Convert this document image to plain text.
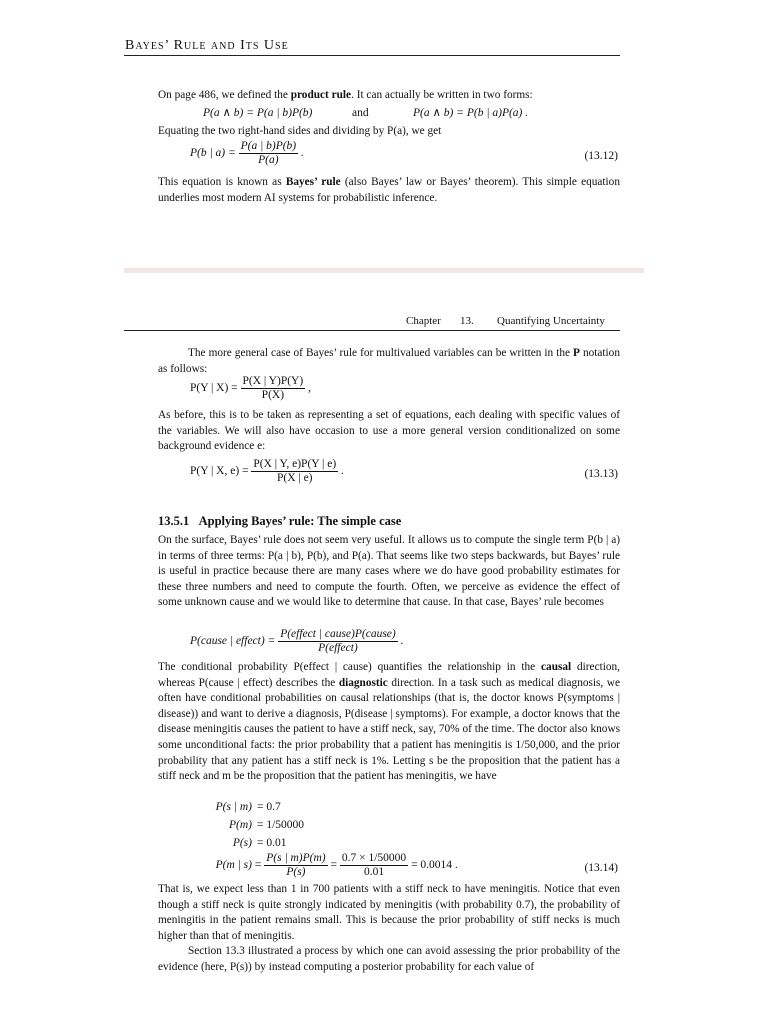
Bayes’ Rule and Its Use
On page 486, we defined the product rule. It can actually be written in two forms:
P(a ∧ b) = P(a | b)P(b)	and	P(a ∧ b) = P(b | a)P(a) .
Equating the two right-hand sides and dividing by P(a), we get
P(b | $a) = \frac{P(a | b)P(b)}{P(a)}$ .	(13.12)
This equation is known as Bayes’ rule (also Bayes’ law or Bayes’ theorem). This simple equation underlies most modern AI systems for probabilistic inference.
Chapter 13. Quantifying Uncertainty
The more general case of Bayes’ rule for multivalued variables can be written in the P notation as follows:
P(Y | $X) = \frac{P(X | Y)P(Y)}{P(X)}$ ,
As before, this is to be taken as representing a set of equations, each dealing with specific values of the variables. We will also have occasion to use a more general version conditionalized on some background evidence e:
P(Y | X, $e) = \frac{P(X | Y, e)P(Y | e)}{P(X | e)}$ .	(13.13)
13.5.1 Applying Bayes’ rule: The simple case
On the surface, Bayes’ rule does not seem very useful. It allows us to compute the single term P(b | a) in terms of three terms: P(a | b), P(b), and P(a). That seems like two steps backwards, but Bayes’ rule is useful in practice because there are many cases where we do have good probability estimates for these three numbers and need to compute the fourth. Often, we perceive as evidence the effect of some unknown cause and we would like to determine that cause. In that case, Bayes’ rule becomes
P(cause | effect) = $\frac{\text{P(effect | cause)P(cause)}}{\text{P(effect)}}$ .
The conditional probability P(effect | cause) quantifies the relationship in the causal direction, whereas P(cause | effect) describes the diagnostic direction. In a task such as medical diagnosis, we often have conditional probabilities on causal relationships (that is, the doctor knows P(symptoms | disease)) and want to derive a diagnosis, P(disease | symptoms). For example, a doctor knows that the disease meningitis causes the patient to have a stiff neck, say, 70% of the time. The doctor also knows some unconditional facts: the prior probability that a patient has meningitis is 1/50,000, and the prior probability that any patient has a stiff neck is 1%. Letting s be the proposition that the patient has a stiff neck and m be the proposition that the patient has meningitis, we have
P(s | m) = 0.7
P(m) = 1/50000
P(s) = 0.01
P(m | $s) = \frac{P(s | m)P(m)}{P(s)} = \frac{0.7 \times 1/50000}{0.01} = 0.0014$ .	(13.14)
That is, we expect less than 1 in 700 patients with a stiff neck to have meningitis. Notice that even though a stiff neck is quite strongly indicated by meningitis (with probability 0.7), the probability of meningitis in the patient remains small. This is because the prior probability of stiff necks is much higher than that of meningitis.
Section 13.3 illustrated a process by which one can avoid assessing the prior probability of the evidence (here, P(s)) by instead computing a posterior probability for each value of
